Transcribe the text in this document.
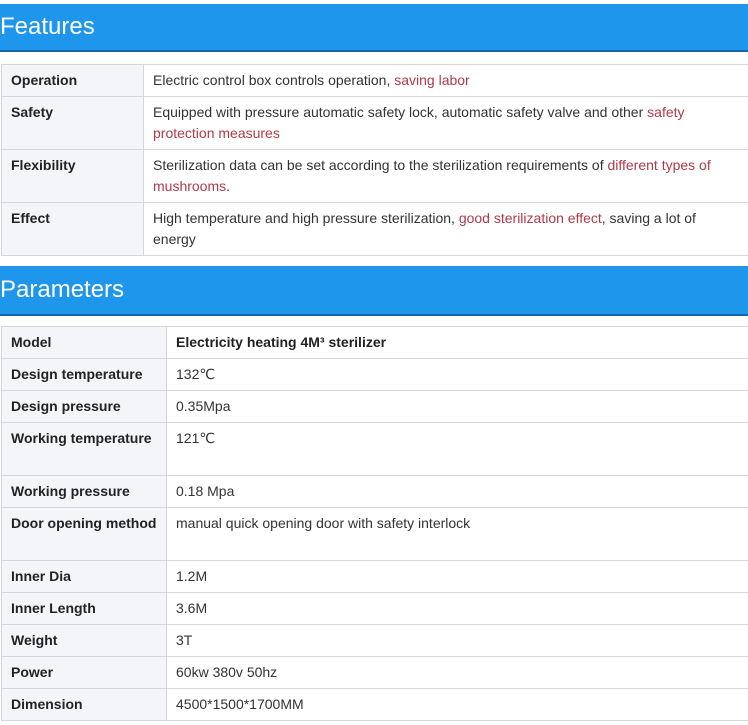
Features
Operation	Electric control box controls operation, saving labor
Safety	Equipped with pressure automatic safety lock, automatic safety valve and other safety protection measures
Flexibility	Sterilization data can be set according to the sterilization requirements of different types of mushrooms.
Effect	High temperature and high pressure sterilization, good sterilization effect, saving a lot of energy
Parameters
Model	Electricity heating 4M³ sterilizer
Design temperature	132℃
Design pressure	0.35Mpa
Working temperature	121℃
Working pressure	0.18 Mpa
Door opening method	manual quick opening door with safety interlock
Inner Dia	1.2M
Inner Length	3.6M
Weight	3T
Power	60kw 380v 50hz
Dimension	4500*1500*1700MM
